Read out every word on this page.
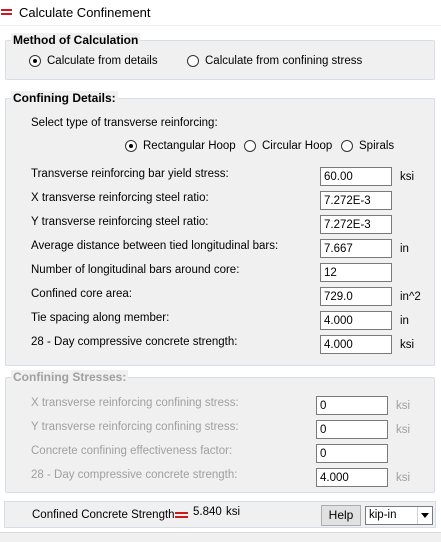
Calculate Confinement
Method of Calculation
Calculate from details	Calculate from confining stress
Confining Details:
Select type of transverse reinforcing:
Rectangular Hoop Circular Hoop Spirals
Transverse reinforcing bar yield stress:
60.00	ksi
X transverse reinforcing steel ratio:
7.272E-3
Y transverse reinforcing steel ratio:
7.272E-3
Average distance between tied longitudinal bars:
7.667	in
Number of longitudinal bars around core:
12
Confined core area:
729.0	in^2
Tie spacing along member:
4.000	in
28 - Day compressive concrete strength:
4.000	ksi
Confining Stresses:
X transverse reinforcing confining stress:
0	ksi
Y transverse reinforcing confining stress:
0	ksi
Concrete confining effectiveness factor:
0
28 - Day compressive concrete strength:
4.000	ksi
Confined Concrete Strength 5.840 ksi	Help	kip-in
